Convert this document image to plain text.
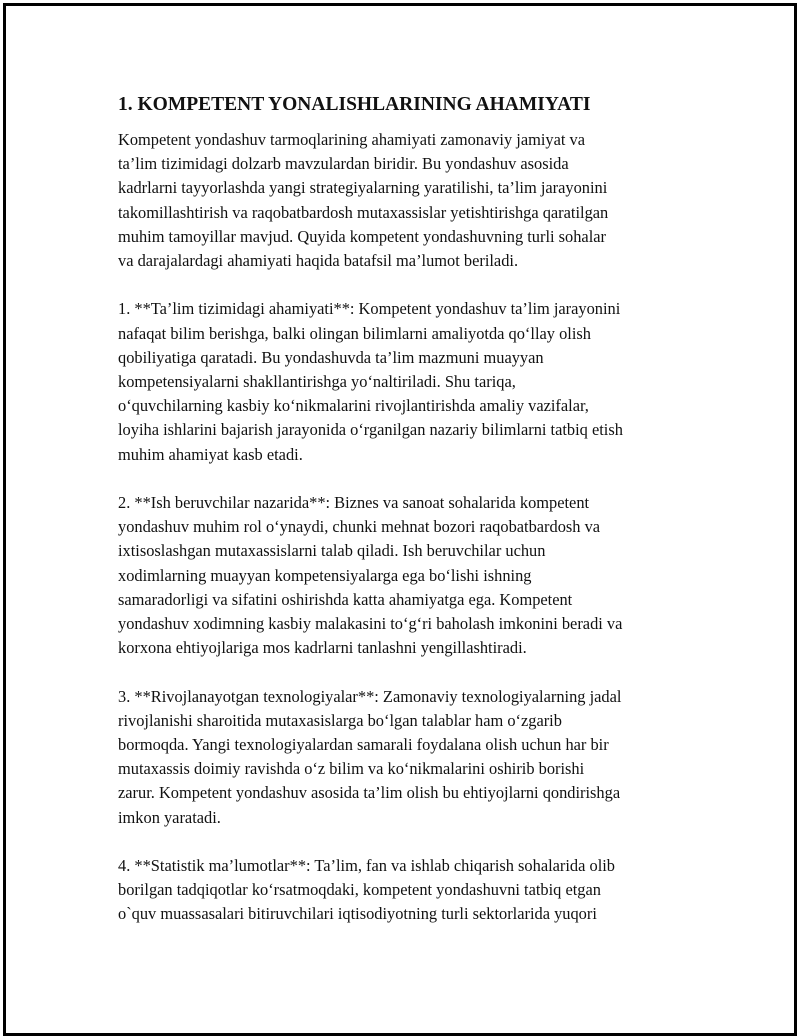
1. KOMPETENT YONALISHLARINING AHAMIYATI

Kompetent yondashuv tarmoqlarining ahamiyati zamonaviy jamiyat va
ta’lim tizimidagi dolzarb mavzulardan biridir. Bu yondashuv asosida
kadrlarni tayyorlashda yangi strategiyalarning yaratilishi, ta’lim jarayonini
takomillashtirish va raqobatbardosh mutaxassislar yetishtirishga qaratilgan
muhim tamoyillar mavjud. Quyida kompetent yondashuvning turli sohalar
va darajalardagi ahamiyati haqida batafsil ma’lumot beriladi.

1. **Ta’lim tizimidagi ahamiyati**: Kompetent yondashuv ta’lim jarayonini
nafaqat bilim berishga, balki olingan bilimlarni amaliyotda qo‘llay olish
qobiliyatiga qaratadi. Bu yondashuvda ta’lim mazmuni muayyan
kompetensiyalarni shakllantirishga yo‘naltiriladi. Shu tariqa,
o‘quvchilarning kasbiy ko‘nikmalarini rivojlantirishda amaliy vazifalar,
loyiha ishlarini bajarish jarayonida o‘rganilgan nazariy bilimlarni tatbiq etish
muhim ahamiyat kasb etadi.

2. **Ish beruvchilar nazarida**: Biznes va sanoat sohalarida kompetent
yondashuv muhim rol o‘ynaydi, chunki mehnat bozori raqobatbardosh va
ixtisoslashgan mutaxassislarni talab qiladi. Ish beruvchilar uchun
xodimlarning muayyan kompetensiyalarga ega bo‘lishi ishning
samaradorligi va sifatini oshirishda katta ahamiyatga ega. Kompetent
yondashuv xodimning kasbiy malakasini to‘g‘ri baholash imkonini beradi va
korxona ehtiyojlariga mos kadrlarni tanlashni yengillashtiradi.

3. **Rivojlanayotgan texnologiyalar**: Zamonaviy texnologiyalarning jadal
rivojlanishi sharoitida mutaxasislarga bo‘lgan talablar ham o‘zgarib
bormoqda. Yangi texnologiyalardan samarali foydalana olish uchun har bir
mutaxassis doimiy ravishda o‘z bilim va ko‘nikmalarini oshirib borishi
zarur. Kompetent yondashuv asosida ta’lim olish bu ehtiyojlarni qondirishga
imkon yaratadi.

4. **Statistik ma’lumotlar**: Ta’lim, fan va ishlab chiqarish sohalarida olib
borilgan tadqiqotlar ko‘rsatmoqdaki, kompetent yondashuvni tatbiq etgan
o`quv muassasalari bitiruvchilari iqtisodiyotning turli sektorlarida yuqori
